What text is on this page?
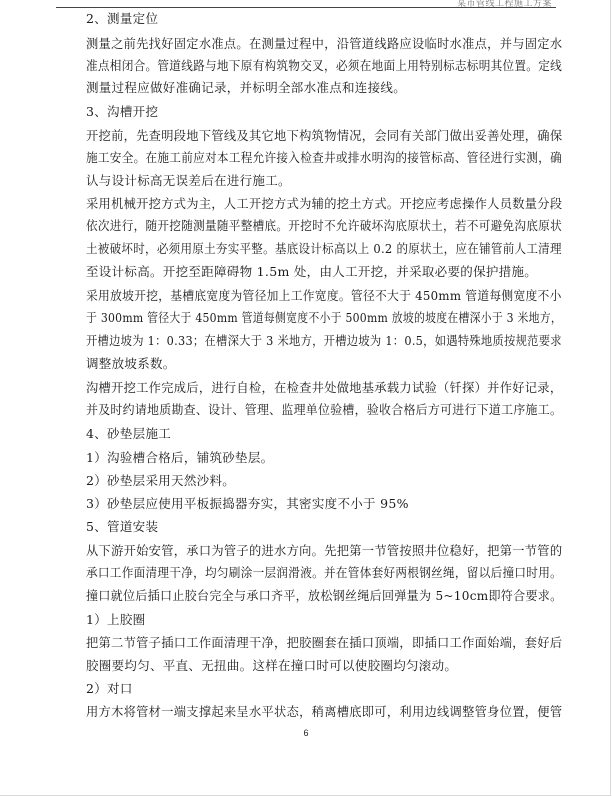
某市管线工程施工方案
2、测量定位
测量之前先找好固定水准点。在测量过程中，沿管道线路应设临时水准点，并与固定水
准点相闭合。管道线路与地下原有构筑物交叉，必须在地面上用特别标志标明其位置。定线
测量过程应做好准确记录，并标明全部水准点和连接线。
3、沟槽开挖
开挖前，先查明段地下管线及其它地下构筑物情况，会同有关部门做出妥善处理，确保
施工安全。在施工前应对本工程允许接入检查井或排水明沟的接管标高、管径进行实测，确
认与设计标高无误差后在进行施工。
采用机械开挖方式为主，人工开挖方式为辅的挖土方式。开挖应考虑操作人员数量分段
依次进行，随开挖随测量随平整槽底。开挖时不允许破坏沟底原状土，若不可避免沟底原状
土被破坏时，必须用原土夯实平整。基底设计标高以上 0.2 的原状土，应在铺管前人工清理
至设计标高。开挖至距障碍物 1.5m 处，由人工开挖，并采取必要的保护措施。
采用放坡开挖，基槽底宽度为管径加上工作宽度。管径不大于 450mm 管道每侧宽度不小
于 300mm 管径大于 450mm 管道每侧宽度不小于 500mm 放坡的坡度在槽深小于 3 米地方，
开槽边坡为 1：0.33；在槽深大于 3 米地方，开槽边坡为 1：0.5，如遇特殊地质按规范要求
调整放坡系数。
沟槽开挖工作完成后，进行自检，在检查井处做地基承载力试验（钎探）并作好记录，
并及时约请地质勘查、设计、管理、监理单位验槽，验收合格后方可进行下道工序施工。
4、砂垫层施工
1）沟验槽合格后，铺筑砂垫层。
2）砂垫层采用天然沙料。
3）砂垫层应使用平板振捣器夯实，其密实度不小于 95%
5、管道安装
从下游开始安管，承口为管子的进水方向。先把第一节管按照井位稳好，把第一节管的
承口工作面清理干净，均匀刷涂一层润滑液。并在管体套好两根钢丝绳，留以后撞口时用。
撞口就位后插口止胶台完全与承口齐平，放松钢丝绳后回弹量为 5~10cm即符合要求。
1）上胶圈
把第二节管子插口工作面清理干净，把胶圈套在插口顶端，即插口工作面始端，套好后
胶圈要均匀、平直、无扭曲。这样在撞口时可以使胶圈均匀滚动。
2）对口
用方木将管材一端支撑起来呈水平状态，稍离槽底即可，利用边线调整管身位置，便管
6
